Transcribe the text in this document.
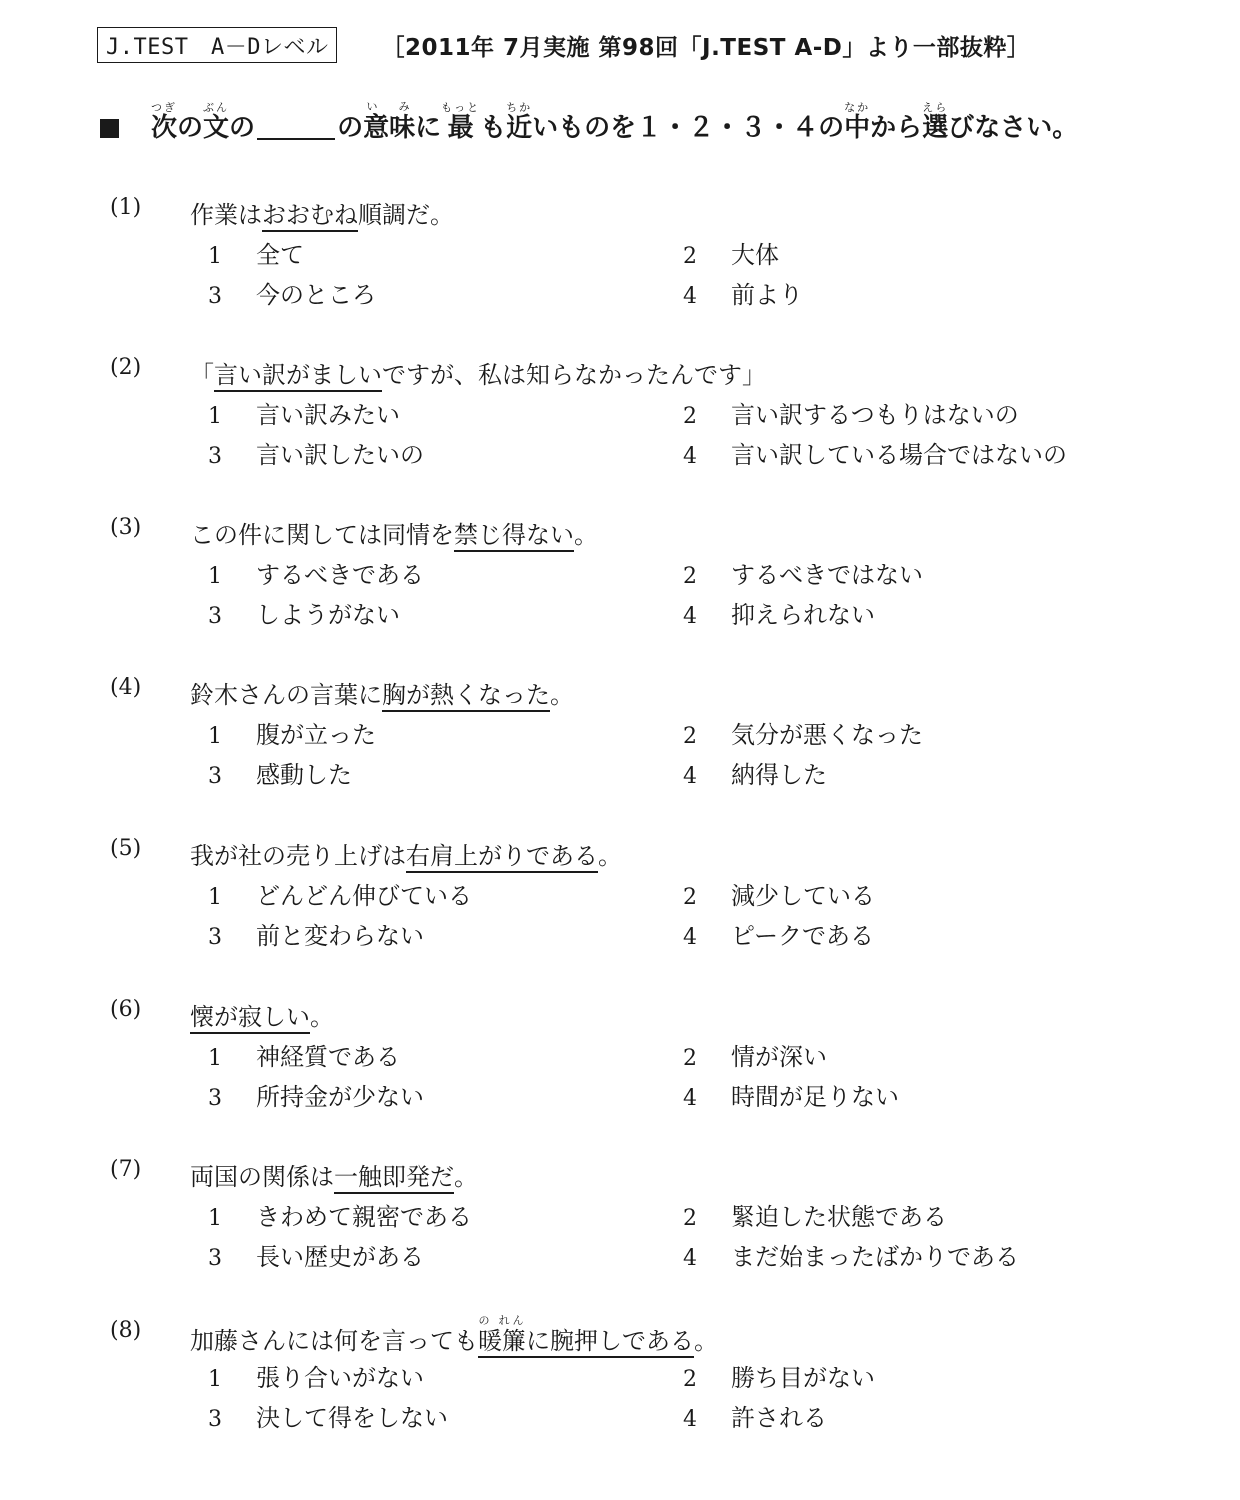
J.TEST　A－Dレベル	［2011年 7月実施 第98回「J.TEST A-D」より一部抜粋］
次つぎ
の 文ぶん
の	の 意味い み
に 最もっと
も 近ちか
いものを１・２・３・４の 中なか
から 選えら
びなさい。
(1) 作業はおおむね順調だ。
1 全て	2 大体
3 今のところ	4 前より
(2) 「言い訳がましいですが、私は知らなかったんです」
1 言い訳みたい	2 言い訳するつもりはないの
3 言い訳したいの	4 言い訳している場合ではないの
(3) この件に関しては同情を禁じ得ない。
1 するべきである	2 するべきではない
3 しようがない	4 抑えられない
(4) 鈴木さんの言葉に胸が熱くなった。
1 腹が立った	2 気分が悪くなった
3 感動した	4 納得した
(5) 我が社の売り上げは右肩上がりである。
1 どんどん伸びている	2 減少している
3 前と変わらない	4 ピークである
(6) 懐が寂しい。
1 神経質である	2 情が深い
3 所持金が少ない	4 時間が足りない
(7) 両国の関係は一触即発だ。
1 きわめて親密である	2 緊迫した状態である
3 長い歴史がある	4 まだ始まったばかりである
(8) 加藤さんには何を言っても暖簾の れんに腕押しである。
1 張り合いがない	2 勝ち目がない
3 決して得をしない	4 許される
